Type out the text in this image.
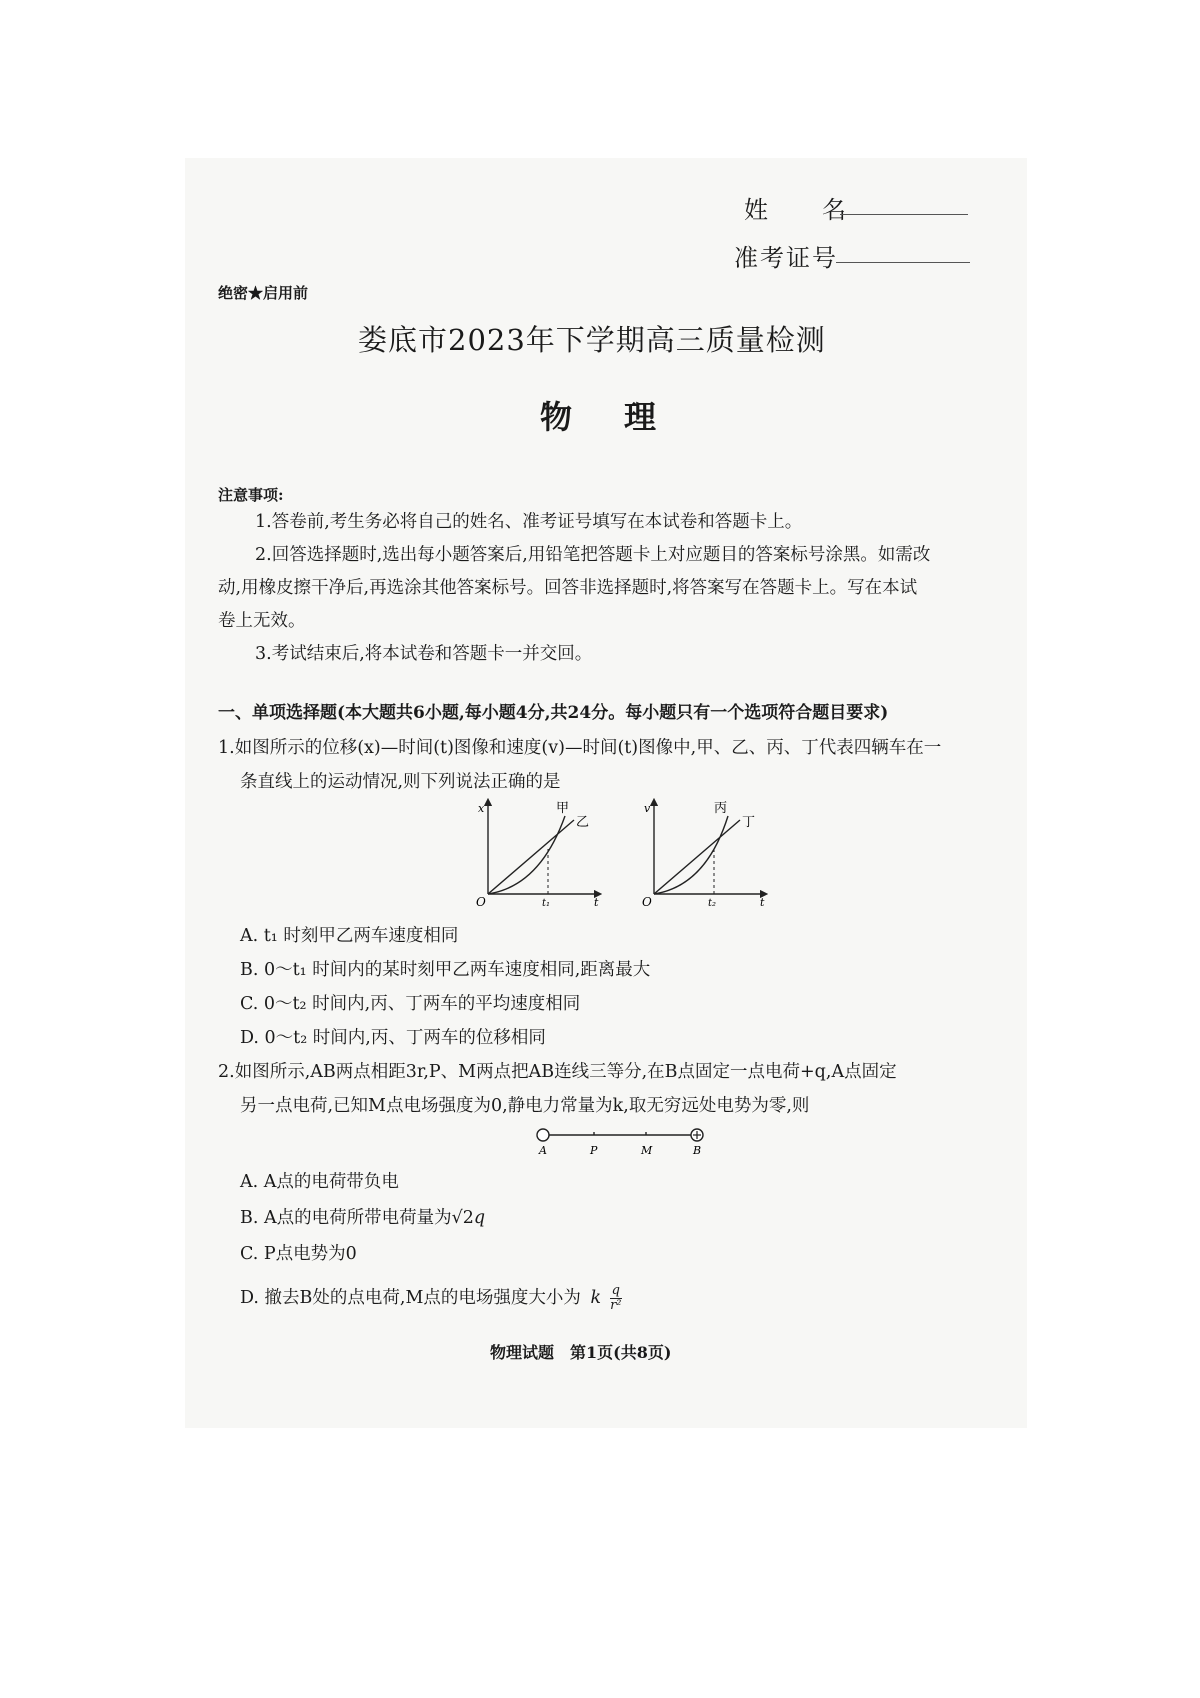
姓　　名
准考证号
绝密★启用前
娄底市2023年下学期高三质量检测
物理
注意事项:
1.答卷前,考生务必将自己的姓名、准考证号填写在本试卷和答题卡上。
2.回答选择题时,选出每小题答案后,用铅笔把答题卡上对应题目的答案标号涂黑。如需改
动,用橡皮擦干净后,再选涂其他答案标号。回答非选择题时,将答案写在答题卡上。写在本试
卷上无效。
3.考试结束后,将本试卷和答题卡一并交回。
一、单项选择题(本大题共6小题,每小题4分,共24分。每小题只有一个选项符合题目要求)
1.如图所示的位移(x)—时间(t)图像和速度(v)—时间(t)图像中,甲、乙、丙、丁代表四辆车在一
条直线上的运动情况,则下列说法正确的是
x
O	t₁	t
甲
乙
v
O	t₂	t
丙
丁
A. t₁ 时刻甲乙两车速度相同
B. 0～t₁ 时间内的某时刻甲乙两车速度相同,距离最大
C. 0～t₂ 时间内,丙、丁两车的平均速度相同
D. 0～t₂ 时间内,丙、丁两车的位移相同
2.如图所示,AB两点相距3r,P、M两点把AB连线三等分,在B点固定一点电荷+q,A点固定
另一点电荷,已知M点电场强度为0,静电力常量为k,取无穷远处电势为零,则
A	P	M	B
A. A点的电荷带负电
B. A点的电荷所带电荷量为√2q
C. P点电势为0
D. 撤去B处的点电荷,M点的电场强度大小为 k $\frac{q}{\text{r²}}$
物理试题　第1页(共8页)
